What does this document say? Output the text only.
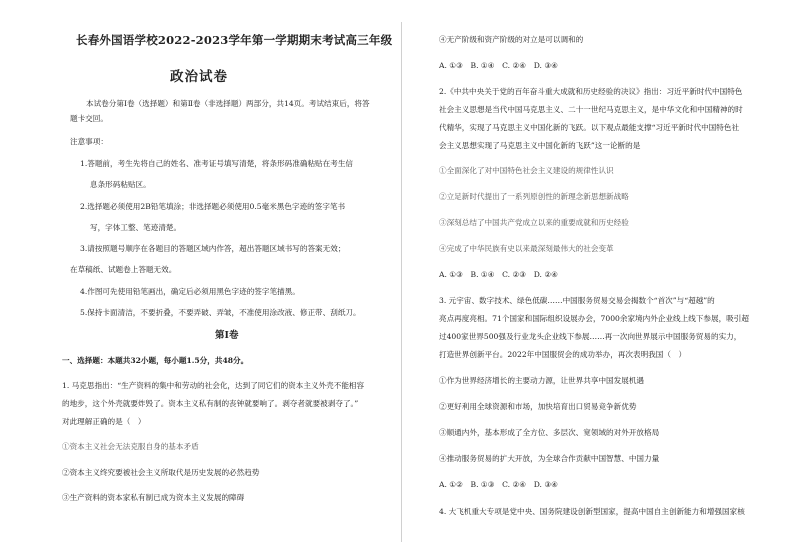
长春外国语学校2022-2023学年第一学期期末考试高三年级
政治试卷
本试卷分第Ⅰ卷（选择题）和第Ⅱ卷（非选择题）两部分，共14页。考试结束后，将答
题卡交回。
注意事项：
1.答题前，考生先将自己的姓名、准考证号填写清楚，将条形码准确粘贴在考生信
息条形码粘贴区。
2.选择题必须使用2B铅笔填涂；非选择题必须使用0.5毫米黑色字迹的签字笔书
写，字体工整、笔迹清楚。
3.请按照题号顺序在各题目的答题区域内作答，超出答题区域书写的答案无效；
在草稿纸、试题卷上答题无效。
4.作图可先使用铅笔画出，确定后必须用黑色字迹的签字笔描黑。
5.保持卡面清洁，不要折叠，不要弄破、弄皱，不准使用涂改液、修正带、刮纸刀。
第Ⅰ卷
一、选择题：本题共32小题，每小题1.5分，共48分。
1. 马克思指出：“生产资料的集中和劳动的社会化，达到了同它们的资本主义外壳不能相容
的地步，这个外壳就要炸毁了。资本主义私有制的丧钟就要响了。剥夺者就要被剥夺了。”
对此理解正确的是（　）
①资本主义社会无法克服自身的基本矛盾
②资本主义终究要被社会主义所取代是历史发展的必然趋势
③生产资料的资本家私有制已成为资本主义发展的障碍
④无产阶级和资产阶级的对立是可以调和的
A. ①③　B. ①④　C. ②④　D. ③④
2.《中共中央关于党的百年奋斗重大成就和历史经验的决议》指出：习近平新时代中国特色
社会主义思想是当代中国马克思主义、二十一世纪马克思主义，是中华文化和中国精神的时
代精华，实现了马克思主义中国化新的飞跃。以下观点最能支撑“习近平新时代中国特色社
会主义思想实现了马克思主义中国化新的飞跃”这一论断的是
①全面深化了对中国特色社会主义建设的规律性认识
②立足新时代提出了一系列原创性的新理念新思想新战略
③深刻总结了中国共产党成立以来的重要成就和历史经验
④完成了中华民族有史以来最深刻最伟大的社会变革
A. ①③　B. ①④　C. ②③　D. ②④
3. 元宇宙、数字技术、绿色低碳……中国服务贸易交易会揭数个“首次”与“超越”的
亮点再度亮相。71个国家和国际组织设展办会，7000余家境内外企业线上线下参展，吸引超
过400家世界500强及行业龙头企业线下参展……再一次向世界展示中国服务贸易的实力，
打造世界创新平台。2022年中国服贸会的成功举办，再次表明我国（　）
①作为世界经济增长的主要动力源，让世界共享中国发展机遇
②更好利用全球资源和市场，加快培育出口贸易竞争新优势
③顺通内外，基本形成了全方位、多层次、宽领域的对外开放格局
④推动服务贸易的扩大开放，为全球合作贡献中国智慧、中国力量
A. ①②　B. ①③　C. ②④　D. ③④
4. 大飞机重大专项是党中央、国务院建设创新型国家，提高中国自主创新能力和增强国家核
